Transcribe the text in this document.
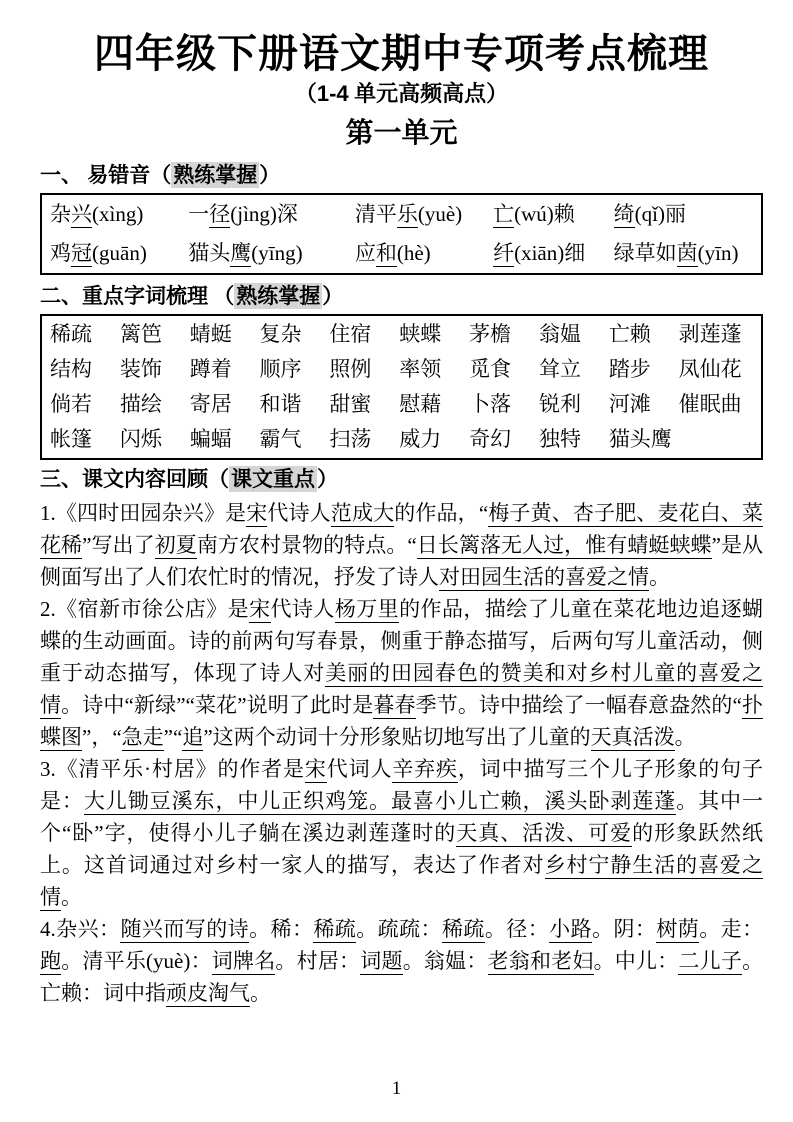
四年级下册语文期中专项考点梳理
（1-4 单元高频高点）
第一单元
一、 易错音（熟练掌握）
杂兴(xìng)	一径(jìng)深	清平乐(yuè)	亡(wú)赖	绮(qǐ)丽
鸡冠(guān)	猫头鹰(yīng)	应和(hè)	纤(xiān)细	绿草如茵(yīn)
二、重点字词梳理 （熟练掌握）
稀疏	篱笆	蜻蜓	复杂	住宿	蛱蝶	茅檐	翁媪	亡赖	剥莲蓬
结构	装饰	蹲着	顺序	照例	率领	觅食	耸立	踏步	凤仙花
倘若	描绘	寄居	和谐	甜蜜	慰藉	卜落	锐利	河滩	催眠曲
帐篷	闪烁	蝙蝠	霸气	扫荡	威力	奇幻	独特	猫头鹰
三、课文内容回顾（课文重点）
1.《四时田园杂兴》是宋代诗人范成大的作品，“梅子黄、杏子肥、麦花白、菜花稀”写出了初夏南方农村景物的特点。“日长篱落无人过，惟有蜻蜓蛱蝶”是从侧面写出了人们农忙时的情况，抒发了诗人对田园生活的喜爱之情。
2.《宿新市徐公店》是宋代诗人杨万里的作品，描绘了儿童在菜花地边追逐蝴蝶的生动画面。诗的前两句写春景，侧重于静态描写，后两句写儿童活动，侧重于动态描写，体现了诗人对美丽的田园春色的赞美和对乡村儿童的喜爱之情。诗中“新绿”“菜花”说明了此时是暮春季节。诗中描绘了一幅春意盎然的“扑蝶图”，“急走”“追”这两个动词十分形象贴切地写出了儿童的天真活泼。
3.《清平乐·村居》的作者是宋代词人辛弃疾，词中描写三个儿子形象的句子是：大儿锄豆溪东，中儿正织鸡笼。最喜小儿亡赖，溪头卧剥莲蓬。其中一个“卧”字，使得小儿子躺在溪边剥莲蓬时的天真、活泼、可爱的形象跃然纸上。这首词通过对乡村一家人的描写，表达了作者对乡村宁静生活的喜爱之情。
4.杂兴：随兴而写的诗。稀：稀疏。疏疏：稀疏。径：小路。阴：树荫。走：跑。清平乐(yuè)：词牌名。村居：词题。翁媪：老翁和老妇。中儿：二儿子。亡赖：词中指顽皮淘气。
1
